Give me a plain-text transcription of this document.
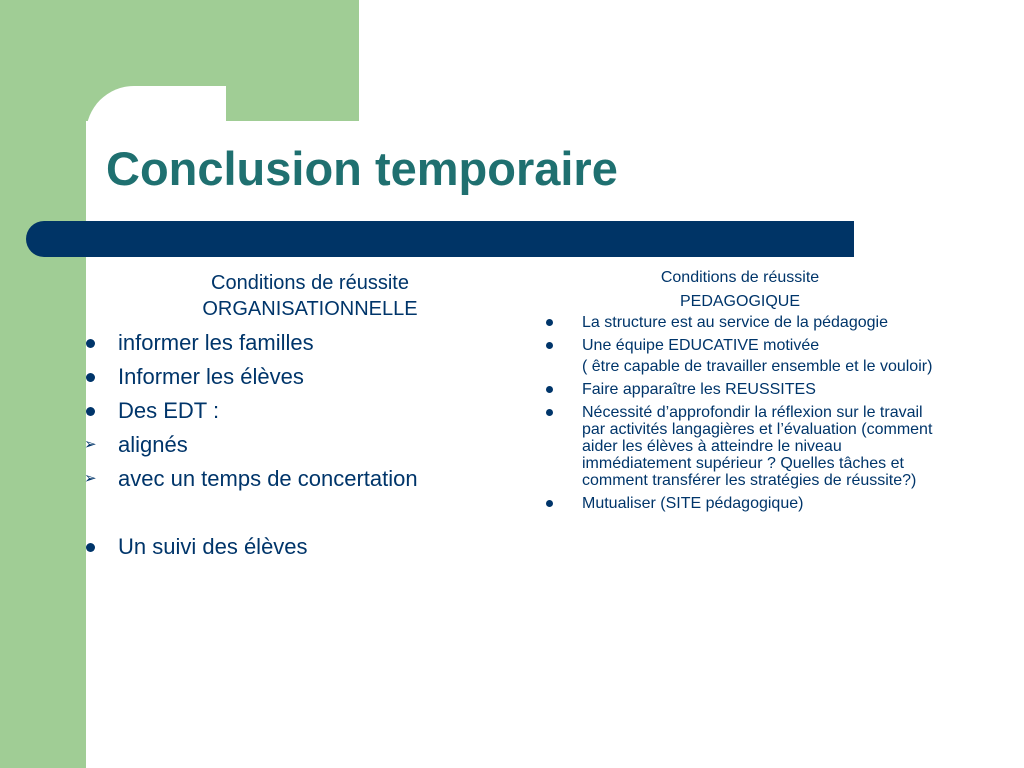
Conclusion temporaire
Conditions de réussite
ORGANISATIONNELLE
informer les familles
Informer les élèves
Des EDT :
➢ alignés
➢ avec un temps de concertation
Un suivi des élèves
Conditions de réussite
PEDAGOGIQUE
La structure est au service de la pédagogie
Une équipe EDUCATIVE motivée
( être capable de travailler ensemble et le vouloir)
Faire apparaître les REUSSITES
Nécessité d’approfondir la réflexion sur le travail par activités langagières et l’évaluation (comment aider les élèves à atteindre le niveau immédiatement supérieur ? Quelles tâches et comment transférer les stratégies de réussite?)
Mutualiser (SITE pédagogique)
